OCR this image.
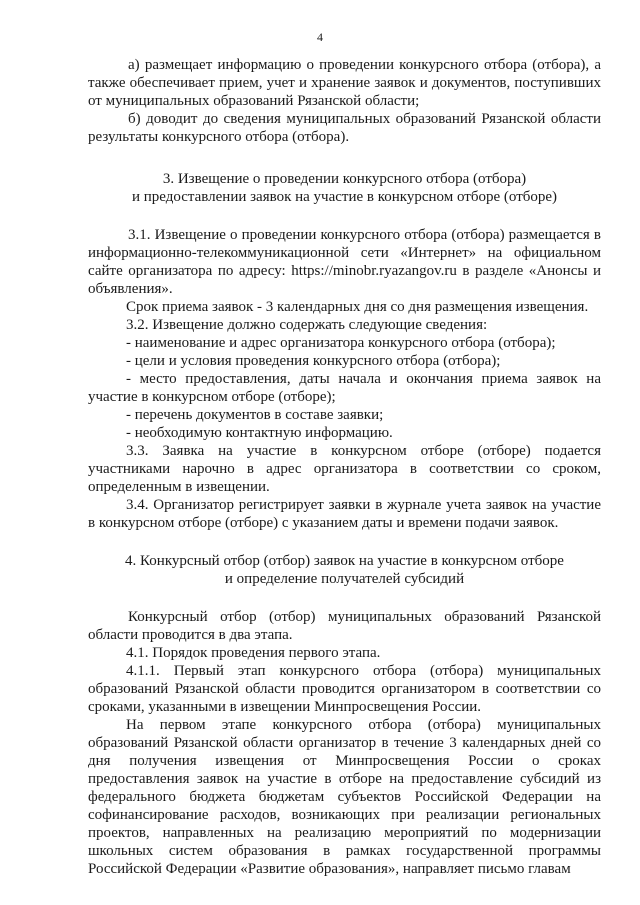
4

а) размещает информацию о проведении конкурсного отбора (отбора), а также обеспечивает прием, учет и хранение заявок и документов, поступивших от муниципальных образований Рязанской области;

б) доводит до сведения муниципальных образований Рязанской области результаты конкурсного отбора (отбора).

3. Извещение о проведении конкурсного отбора (отбора)

и предоставлении заявок на участие в конкурсном отборе (отборе)

3.1. Извещение о проведении конкурсного отбора (отбора) размещается в информационно-телекоммуникационной сети «Интернет» на официальном сайте организатора по адресу: https://minobr.ryazangov.ru в разделе «Анонсы и объявления».

Срок приема заявок - 3 календарных дня со дня размещения извещения.

3.2. Извещение должно содержать следующие сведения:

- наименование и адрес организатора конкурсного отбора (отбора);

- цели и условия проведения конкурсного отбора (отбора);

- место предоставления, даты начала и окончания приема заявок на участие в конкурсном отборе (отборе);

- перечень документов в составе заявки;

- необходимую контактную информацию.

3.3. Заявка на участие в конкурсном отборе (отборе) подается участниками нарочно в адрес организатора в соответствии со сроком, определенным в извещении.

3.4. Организатор регистрирует заявки в журнале учета заявок на участие в конкурсном отборе (отборе) с указанием даты и времени подачи заявок.

4. Конкурсный отбор (отбор) заявок на участие в конкурсном отборе

и определение получателей субсидий

Конкурсный отбор (отбор) муниципальных образований Рязанской области проводится в два этапа.

4.1. Порядок проведения первого этапа.

4.1.1. Первый этап конкурсного отбора (отбора) муниципальных образований Рязанской области проводится организатором в соответствии со сроками, указанными в извещении Минпросвещения России.

На первом этапе конкурсного отбора (отбора) муниципальных образований Рязанской области организатор в течение 3 календарных дней со дня получения извещения от Минпросвещения России о сроках предоставления заявок на участие в отборе на предоставление субсидий из федерального бюджета бюджетам субъектов Российской Федерации на софинансирование расходов, возникающих при реализации региональных проектов, направленных на реализацию мероприятий по модернизации школьных систем образования в рамках государственной программы Российской Федерации «Развитие образования», направляет письмо главам
